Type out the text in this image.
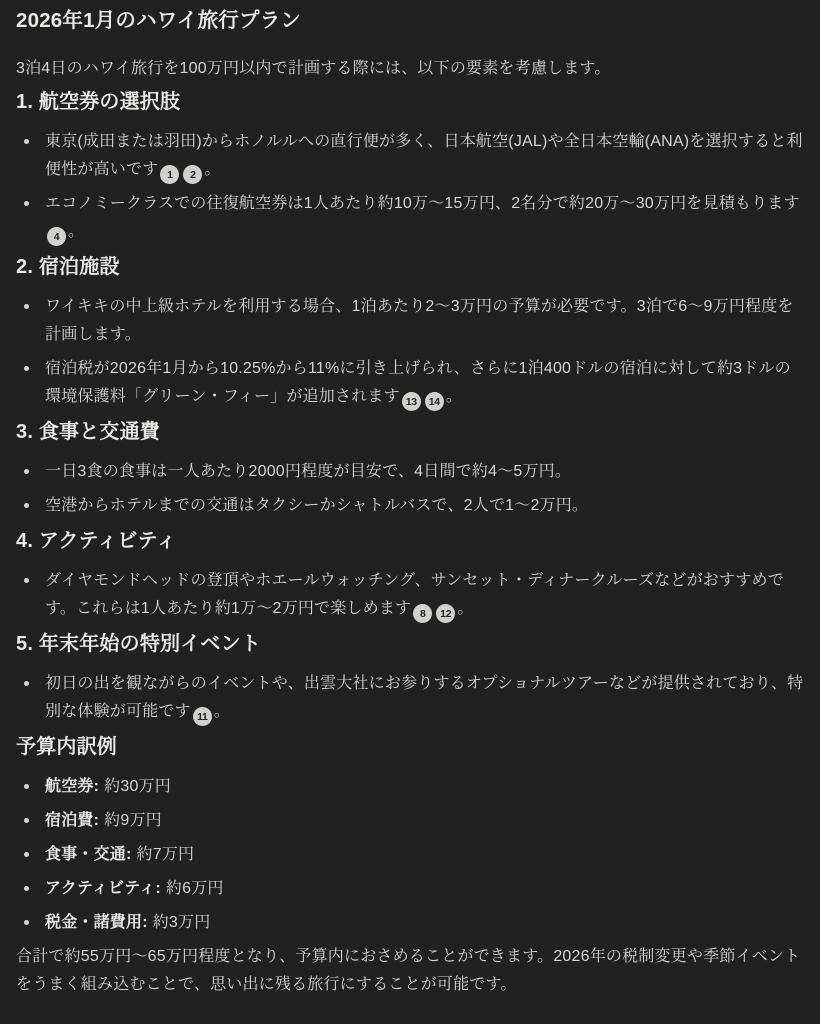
2026年1月のハワイ旅行プラン

3泊4日のハワイ旅行を100万円以内で計画する際には、以下の要素を考慮します。

1. 航空券の選択肢
東京(成田または羽田)からホノルルへの直行便が多く、日本航空(JAL)や全日本空輸(ANA)を選択すると利便性が高いです 1 2 。
エコノミークラスでの往復航空券は1人あたり約10万〜15万円、2名分で約20万〜30万円を見積もります4 。
2. 宿泊施設
ワイキキの中上級ホテルを利用する場合、1泊あたり2〜3万円の予算が必要です。3泊で6〜9万円程度を計画します。
宿泊税が2026年1月から10.25%から11%に引き上げられ、さらに1泊400ドルの宿泊に対して約3ドルの環境保護料「グリーン・フィー」が追加されます 13 14 。
3. 食事と交通費
一日3食の食事は一人あたり2000円程度が目安で、4日間で約4〜5万円。
空港からホテルまでの交通はタクシーかシャトルバスで、2人で1〜2万円。
4. アクティビティ
ダイヤモンドヘッドの登頂やホエールウォッチング、サンセット・ディナークルーズなどがおすすめです。これらは1人あたり約1万〜2万円で楽しめます 8 12 。
5. 年末年始の特別イベント
初日の出を観ながらのイベントや、出雲大社にお参りするオプショナルツアーなどが提供されており、特別な体験が可能です 11 。
予算内訳例
航空券: 約30万円
宿泊費: 約9万円
食事・交通: 約7万円
アクティビティ: 約6万円
税金・諸費用: 約3万円

合計で約55万円〜65万円程度となり、予算内におさめることができます。2026年の税制変更や季節イベントをうまく組み込むことで、思い出に残る旅行にすることが可能です。
